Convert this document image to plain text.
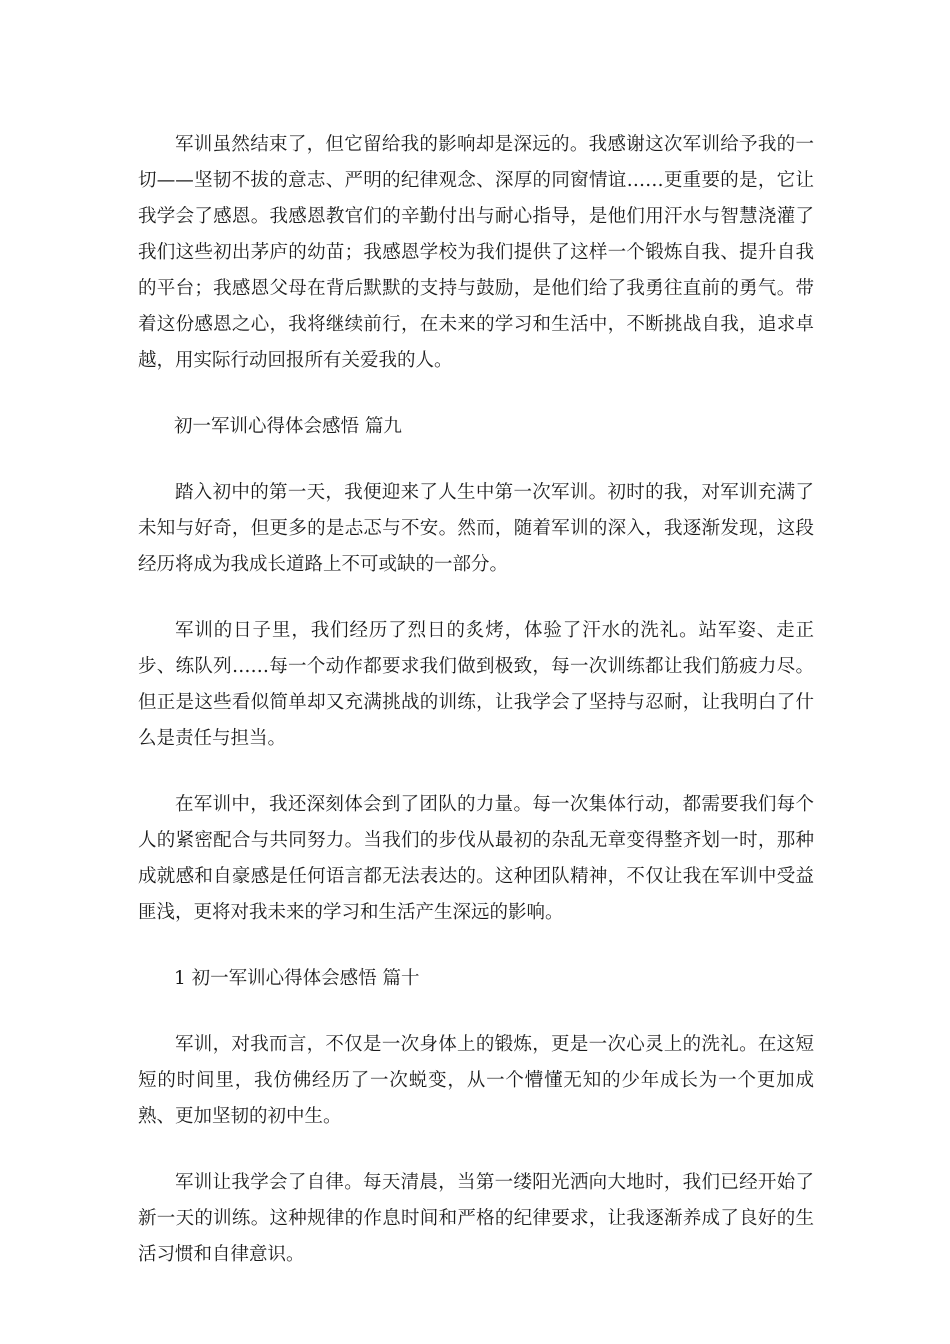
军训虽然结束了，但它留给我的影响却是深远的。我感谢这次军训给予我的一切——坚韧不拔的意志、严明的纪律观念、深厚的同窗情谊……更重要的是，它让我学会了感恩。我感恩教官们的辛勤付出与耐心指导，是他们用汗水与智慧浇灌了我们这些初出茅庐的幼苗；我感恩学校为我们提供了这样一个锻炼自我、提升自我的平台；我感恩父母在背后默默的支持与鼓励，是他们给了我勇往直前的勇气。带着这份感恩之心，我将继续前行，在未来的学习和生活中，不断挑战自我，追求卓越，用实际行动回报所有关爱我的人。

初一军训心得体会感悟 篇九

踏入初中的第一天，我便迎来了人生中第一次军训。初时的我，对军训充满了未知与好奇，但更多的是忐忑与不安。然而，随着军训的深入，我逐渐发现，这段经历将成为我成长道路上不可或缺的一部分。

军训的日子里，我们经历了烈日的炙烤，体验了汗水的洗礼。站军姿、走正步、练队列……每一个动作都要求我们做到极致，每一次训练都让我们筋疲力尽。但正是这些看似简单却又充满挑战的训练，让我学会了坚持与忍耐，让我明白了什么是责任与担当。

在军训中，我还深刻体会到了团队的力量。每一次集体行动，都需要我们每个人的紧密配合与共同努力。当我们的步伐从最初的杂乱无章变得整齐划一时，那种成就感和自豪感是任何语言都无法表达的。这种团队精神，不仅让我在军训中受益匪浅，更将对我未来的学习和生活产生深远的影响。

1 初一军训心得体会感悟 篇十

军训，对我而言，不仅是一次身体上的锻炼，更是一次心灵上的洗礼。在这短短的时间里，我仿佛经历了一次蜕变，从一个懵懂无知的少年成长为一个更加成熟、更加坚韧的初中生。

军训让我学会了自律。每天清晨，当第一缕阳光洒向大地时，我们已经开始了新一天的训练。这种规律的作息时间和严格的纪律要求，让我逐渐养成了良好的生活习惯和自律意识。
